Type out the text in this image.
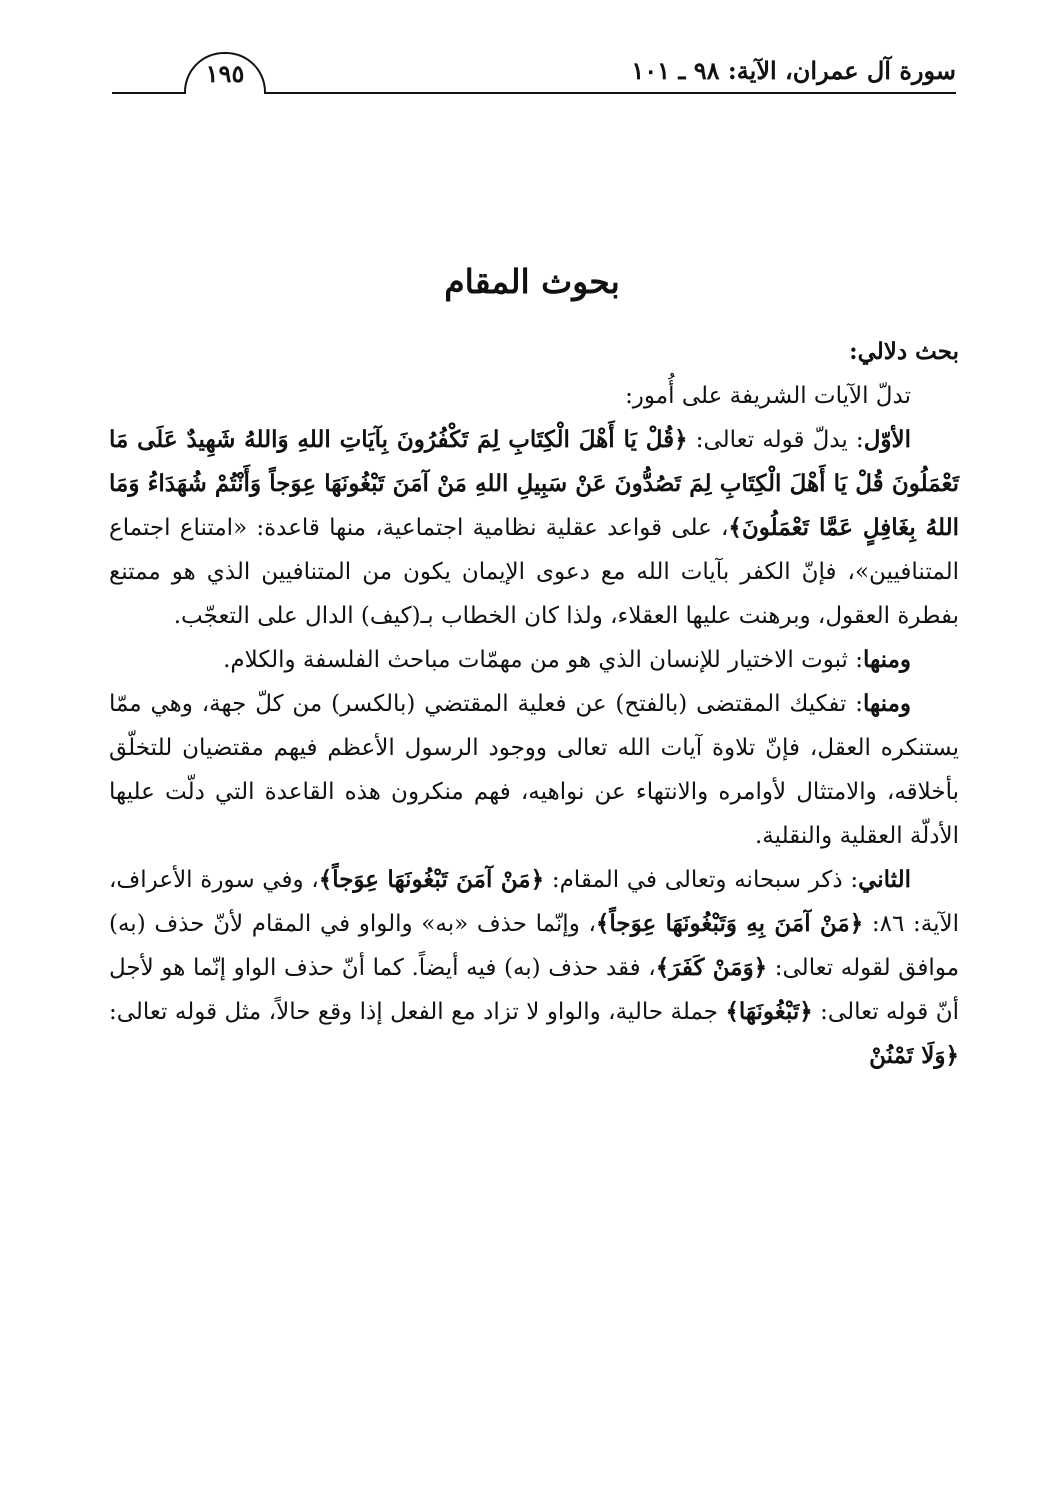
سورة آل عمران، الآية: ٩٨ ـ ١٠١
١٩٥
بحوث المقام

بحث دلالي:

تدلّ الآيات الشريفة على أُمور:

الأوّل: يدلّ قوله تعالى: ﴿قُلْ يَا أَهْلَ الْكِتَابِ لِمَ تَكْفُرُونَ بِآيَاتِ اللهِ وَاللهُ شَهِيدٌ عَلَى مَا تَعْمَلُونَ قُلْ يَا أَهْلَ الْكِتَابِ لِمَ تَصُدُّونَ عَنْ سَبِيلِ اللهِ مَنْ آمَنَ تَبْغُونَهَا عِوَجاً وَأَنْتُمْ شُهَدَاءُ وَمَا اللهُ بِغَافِلٍ عَمَّا تَعْمَلُونَ﴾، على قواعد عقلية نظامية اجتماعية، منها قاعدة: «امتناع اجتماع المتنافيين»، فإنّ الكفر بآيات الله مع دعوى الإيمان يكون من المتنافيين الذي هو ممتنع بفطرة العقول، وبرهنت عليها العقلاء، ولذا كان الخطاب بـ(كيف) الدال على التعجّب.

ومنها: ثبوت الاختيار للإنسان الذي هو من مهمّات مباحث الفلسفة والكلام.

ومنها: تفكيك المقتضى (بالفتح) عن فعلية المقتضي (بالكسر) من كلّ جهة، وهي ممّا يستنكره العقل، فإنّ تلاوة آيات الله تعالى ووجود الرسول الأعظم فيهم مقتضيان للتخلّق بأخلاقه، والامتثال لأوامره والانتهاء عن نواهيه، فهم منكرون هذه القاعدة التي دلّت عليها الأدلّة العقلية والنقلية.

الثاني: ذكر سبحانه وتعالى في المقام: ﴿مَنْ آمَنَ تَبْغُونَهَا عِوَجاً﴾، وفي سورة الأعراف، الآية: ٨٦: ﴿مَنْ آمَنَ بِهِ وَتَبْغُونَهَا عِوَجاً﴾، وإنّما حذف «به» والواو في المقام لأنّ حذف (به) موافق لقوله تعالى: ﴿وَمَنْ كَفَرَ﴾، فقد حذف (به) فيه أيضاً. كما أنّ حذف الواو إنّما هو لأجل أنّ قوله تعالى: ﴿تَبْغُونَهَا﴾ جملة حالية، والواو لا تزاد مع الفعل إذا وقع حالاً، مثل قوله تعالى: ﴿وَلَا تَمْنُنْ
